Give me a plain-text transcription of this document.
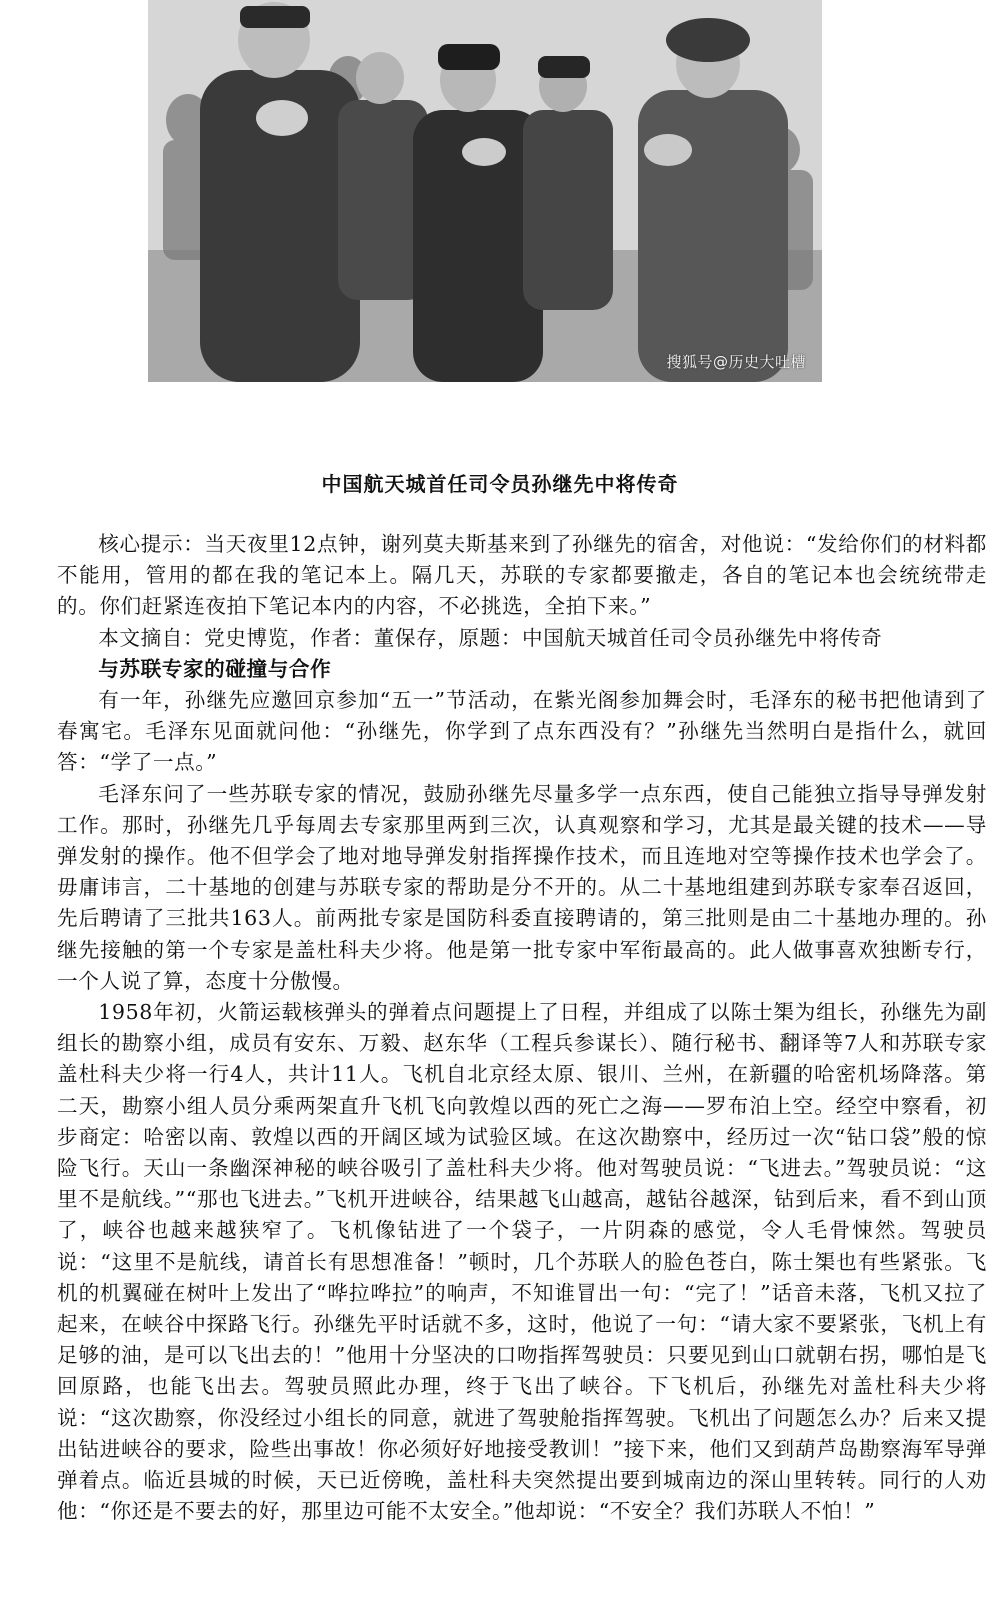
搜狐号@历史大吐槽
中国航天城首任司令员孙继先中将传奇

核心提示：当天夜里12点钟，谢列莫夫斯基来到了孙继先的宿舍，对他说：“发给你们的材料都不能用，管用的都在我的笔记本上。隔几天，苏联的专家都要撤走，各自的笔记本也会统统带走的。你们赶紧连夜拍下笔记本内的内容，不必挑选，全拍下来。”

本文摘自：党史博览，作者：董保存，原题：中国航天城首任司令员孙继先中将传奇

与苏联专家的碰撞与合作

有一年，孙继先应邀回京参加“五一”节活动，在紫光阁参加舞会时，毛泽东的秘书把他请到了春寓宅。毛泽东见面就问他：“孙继先，你学到了点东西没有？”孙继先当然明白是指什么，就回答：“学了一点。”

毛泽东问了一些苏联专家的情况，鼓励孙继先尽量多学一点东西，使自己能独立指导导弹发射工作。那时，孙继先几乎每周去专家那里两到三次，认真观察和学习，尤其是最关键的技术——导弹发射的操作。他不但学会了地对地导弹发射指挥操作技术，而且连地对空等操作技术也学会了。毋庸讳言，二十基地的创建与苏联专家的帮助是分不开的。从二十基地组建到苏联专家奉召返回，先后聘请了三批共163人。前两批专家是国防科委直接聘请的，第三批则是由二十基地办理的。孙继先接触的第一个专家是盖杜科夫少将。他是第一批专家中军衔最高的。此人做事喜欢独断专行，一个人说了算，态度十分傲慢。

1958年初，火箭运载核弹头的弹着点问题提上了日程，并组成了以陈士榘为组长，孙继先为副组长的勘察小组，成员有安东、万毅、赵东华（工程兵参谋长）、随行秘书、翻译等7人和苏联专家盖杜科夫少将一行4人，共计11人。飞机自北京经太原、银川、兰州，在新疆的哈密机场降落。第二天，勘察小组人员分乘两架直升飞机飞向敦煌以西的死亡之海——罗布泊上空。经空中察看，初步商定：哈密以南、敦煌以西的开阔区域为试验区域。在这次勘察中，经历过一次“钻口袋”般的惊险飞行。天山一条幽深神秘的峡谷吸引了盖杜科夫少将。他对驾驶员说：“飞进去。”驾驶员说：“这里不是航线。”“那也飞进去。”飞机开进峡谷，结果越飞山越高，越钻谷越深，钻到后来，看不到山顶了，峡谷也越来越狭窄了。飞机像钻进了一个袋子，一片阴森的感觉，令人毛骨悚然。驾驶员说：“这里不是航线，请首长有思想准备！”顿时，几个苏联人的脸色苍白，陈士榘也有些紧张。飞机的机翼碰在树叶上发出了“哗拉哗拉”的响声，不知谁冒出一句：“完了！”话音未落，飞机又拉了起来，在峡谷中探路飞行。孙继先平时话就不多，这时，他说了一句：“请大家不要紧张，飞机上有足够的油，是可以飞出去的！”他用十分坚决的口吻指挥驾驶员：只要见到山口就朝右拐，哪怕是飞回原路，也能飞出去。驾驶员照此办理，终于飞出了峡谷。下飞机后，孙继先对盖杜科夫少将说：“这次勘察，你没经过小组长的同意，就进了驾驶舱指挥驾驶。飞机出了问题怎么办？后来又提出钻进峡谷的要求，险些出事故！你必须好好地接受教训！”接下来，他们又到葫芦岛勘察海军导弹弹着点。临近县城的时候，天已近傍晚，盖杜科夫突然提出要到城南边的深山里转转。同行的人劝他：“你还是不要去的好，那里边可能不太安全。”他却说：“不安全？我们苏联人不怕！”
